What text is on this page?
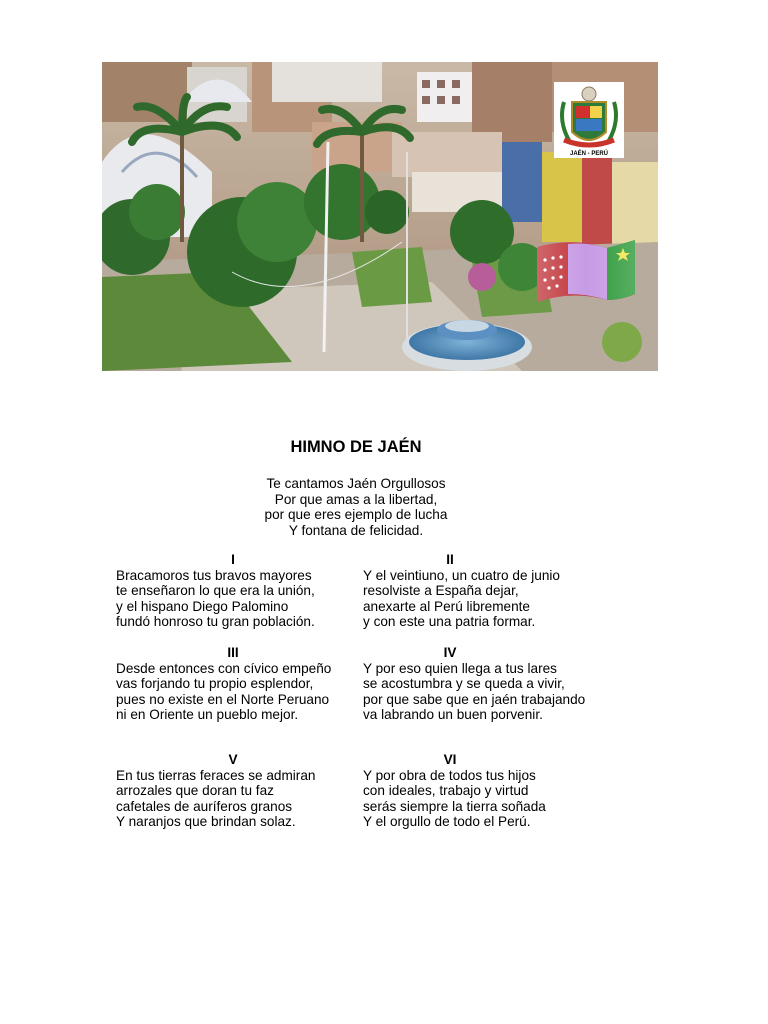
JAÉN - PERÚ
HIMNO DE JAÉN
Te cantamos Jaén Orgullosos
Por que amas a la libertad,
por que eres ejemplo de lucha
Y fontana de felicidad.
I
Bracamoros tus bravos mayores
te enseñaron lo que era la unión,
y el hispano Diego Palomino
fundó honroso tu gran población.
II
Y el veintiuno, un cuatro de junio
resolviste a España dejar,
anexarte al Perú libremente
y con este una patria formar.
III
Desde entonces con cívico empeño
vas forjando tu propio esplendor,
pues no existe en el Norte Peruano
ni en Oriente un pueblo mejor.
IV
Y por eso quien llega a tus lares
se acostumbra y se queda a vivir,
por que sabe que en jaén trabajando
va labrando un buen porvenir.
V
En tus tierras feraces se admiran
arrozales que doran tu faz
cafetales de auríferos granos
Y naranjos que brindan solaz.
VI
Y por obra de todos tus hijos
con ideales, trabajo y virtud
serás siempre la tierra soñada
Y el orgullo de todo el Perú.
